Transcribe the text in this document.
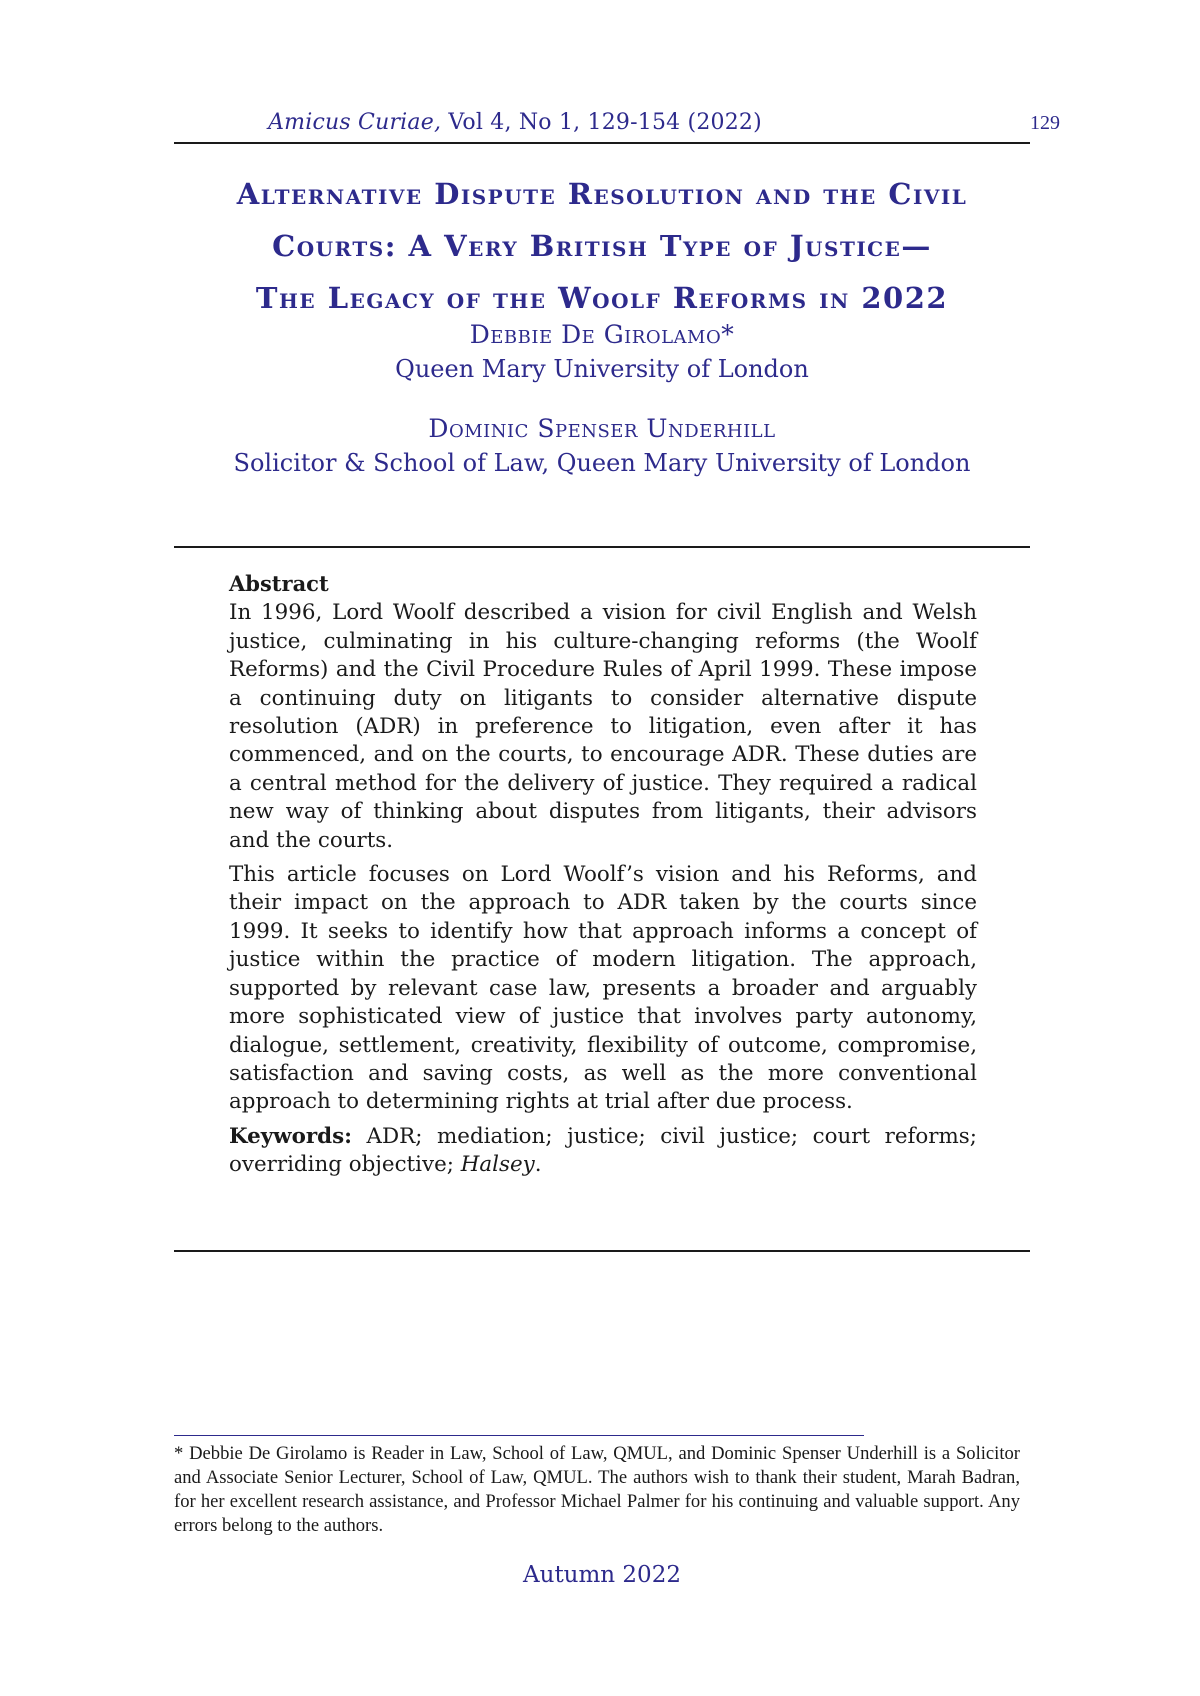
Amicus Curiae, Vol 4, No 1, 129-154 (2022)	129
Alternative Dispute Resolution and the Civil
Courts: A Very British Type of Justice—
The Legacy of the Woolf Reforms in 2022
Debbie De Girolamo*
Queen Mary University of London
Dominic Spenser Underhill
Solicitor & School of Law, Queen Mary University of London
Abstract

In 1996, Lord Woolf described a vision for civil English and Welsh justice, culminating in his culture-changing reforms (the Woolf Reforms) and the Civil Procedure Rules of April 1999. These impose a continuing duty on litigants to consider alternative dispute resolution (ADR) in preference to litigation, even after it has commenced, and on the courts, to encourage ADR. These duties are a central method for the delivery of justice. They required a radical new way of thinking about disputes from litigants, their advisors and the courts.

This article focuses on Lord Woolf’s vision and his Reforms, and their impact on the approach to ADR taken by the courts since 1999. It seeks to identify how that approach informs a concept of justice within the practice of modern litigation. The approach, supported by relevant case law, presents a broader and arguably more sophisticated view of justice that involves party autonomy, dialogue, settlement, creativity, flexibility of outcome, compromise, satisfaction and saving costs, as well as the more conventional approach to determining rights at trial after due process.

Keywords: ADR; mediation; justice; civil justice; court reforms; overriding objective; Halsey.

* Debbie De Girolamo is Reader in Law, School of Law, QMUL, and Dominic Spenser Underhill is a Solicitor and Associate Senior Lecturer, School of Law, QMUL. The authors wish to thank their student, Marah Badran, for her excellent research assistance, and Professor Michael Palmer for his continuing and valuable support. Any errors belong to the authors.
Autumn 2022
